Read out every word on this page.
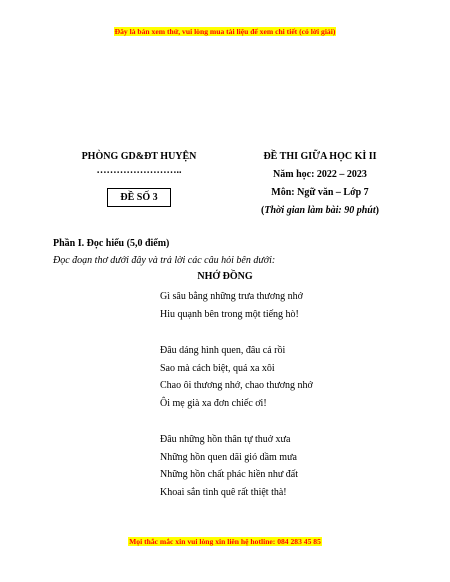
Đây là bản xem thử, vui lòng mua tài liệu để xem chi tiết (có lời giải)
PHÒNG GD&ĐT HUYỆN
……………………..
ĐỀ SỐ 3
ĐỀ THI GIỮA HỌC KÌ II
Năm học: 2022 – 2023
Môn: Ngữ văn – Lớp 7
(Thời gian làm bài: 90 phút)
Phần I. Đọc hiểu (5,0 điểm)
Đọc đoạn thơ dưới đây và trả lời các câu hỏi bên dưới:
NHỚ ĐỒNG
Gì sâu bằng những trưa thương nhớ
Hiu quạnh bên trong một tiếng hò!
Đâu dáng hình quen, đâu cả rồi
Sao mà cách biệt, quá xa xôi
Chao ôi thương nhớ, chao thương nhớ
Ôi mẹ già xa đơn chiếc ơi!
Đâu những hồn thân tự thuở xưa
Những hồn quen dãi gió dầm mưa
Những hồn chất phác hiền như đất
Khoai sắn tình quê rất thiệt thà!
Mọi thắc mắc xin vui lòng xin liên hệ hotline: 084 283 45 85
